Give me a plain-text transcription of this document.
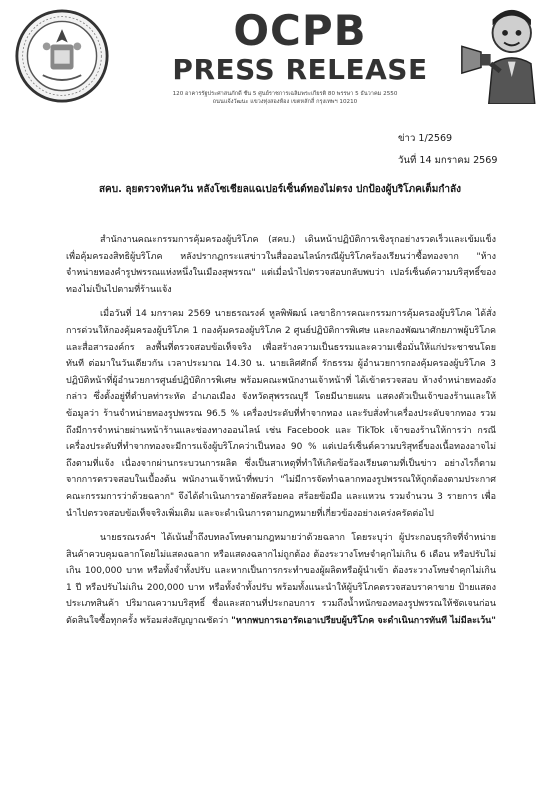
OCPB
PRESS RELEASE
120 อาคารรัฐประศาสนภักดี ชั้น 5 ศูนย์ราชการเฉลิมพระเกียรติ 80 พรรษา 5 ธันวาคม 2550
ถนนแจ้งวัฒนะ แขวงทุ่งสองห้อง เขตหลักสี่ กรุงเทพฯ 10210
ข่าว 1/2569
วันที่ 14 มกราคม 2569
สคบ. ลุยตรวจทันควัน หลังโซเชียลแฉเปอร์เซ็นต์ทองไม่ตรง ปกป้องผู้บริโภคเต็มกำลัง

สำนักงานคณะกรรมการคุ้มครองผู้บริโภค (สคบ.) เดินหน้าปฏิบัติการเชิงรุกอย่างรวดเร็วและเข้มแข็ง เพื่อคุ้มครองสิทธิผู้บริโภค หลังปรากฏกระแสข่าวในสื่อออนไลน์กรณีผู้บริโภคร้องเรียนว่าซื้อทองจาก "ห้างจำหน่ายทองคำรูปพรรณแห่งหนึ่งในเมืองสุพรรณ" แต่เมื่อนำไปตรวจสอบกลับพบว่า เปอร์เซ็นต์ความบริสุทธิ์ของทองไม่เป็นไปตามที่ร้านแจ้ง

เมื่อวันที่ 14 มกราคม 2569 นายธรณรงค์ หูลพิพัฒน์ เลขาธิการคณะกรรมการคุ้มครองผู้บริโภค ได้สั่งการด่วนให้กองคุ้มครองผู้บริโภค 1 กองคุ้มครองผู้บริโภค 2 ศูนย์ปฏิบัติการพิเศษ และกองพัฒนาศักยภาพผู้บริโภคและสื่อสารองค์กร ลงพื้นที่ตรวจสอบข้อเท็จจริง เพื่อสร้างความเป็นธรรมและความเชื่อมั่นให้แก่ประชาชนโดยทันที ต่อมาในวันเดียวกัน เวลาประมาณ 14.30 น. นายเลิศศักดิ์ รักธรรม ผู้อำนวยการกองคุ้มครองผู้บริโภค 3 ปฏิบัติหน้าที่ผู้อำนวยการศูนย์ปฏิบัติการพิเศษ พร้อมคณะพนักงานเจ้าหน้าที่ ได้เข้าตรวจสอบ ห้างจำหน่ายทองดังกล่าว ซึ่งตั้งอยู่ที่ตำบลท่าระหัด อำเภอเมือง จังหวัดสุพรรณบุรี โดยมีนายแผน แสดงตัวเป็นเจ้าของร้านและให้ข้อมูลว่า ร้านจำหน่ายทองรูปพรรณ 96.5 % เครื่องประดับที่ทำจากทอง และรับสั่งทำเครื่องประดับจากทอง รวมถึงมีการจำหน่ายผ่านหน้าร้านและช่องทางออนไลน์ เช่น Facebook และ TikTok เจ้าของร้านให้การว่า กรณีเครื่องประดับที่ทำจากทองจะมีการแจ้งผู้บริโภคว่าเป็นทอง 90 % แต่เปอร์เซ็นต์ความบริสุทธิ์ของเนื้อทองอาจไม่ถึงตามที่แจ้ง เนื่องจากผ่านกระบวนการผลิต ซึ่งเป็นสาเหตุที่ทำให้เกิดข้อร้องเรียนตามที่เป็นข่าว อย่างไรก็ตาม จากการตรวจสอบในเบื้องต้น พนักงานเจ้าหน้าที่พบว่า "ไม่มีการจัดทำฉลากทองรูปพรรณให้ถูกต้องตามประกาศคณะกรรมการว่าด้วยฉลาก" จึงได้ดำเนินการอายัดสร้อยคอ สร้อยข้อมือ และแหวน รวมจำนวน 3 รายการ เพื่อนำไปตรวจสอบข้อเท็จจริงเพิ่มเติม และจะดำเนินการตามกฎหมายที่เกี่ยวข้องอย่างเคร่งครัดต่อไป

นายธรณรงค์ฯ ได้เน้นย้ำถึงบทลงโทษตามกฎหมายว่าด้วยฉลาก โดยระบุว่า ผู้ประกอบธุรกิจที่จำหน่ายสินค้าควบคุมฉลากโดยไม่แสดงฉลาก หรือแสดงฉลากไม่ถูกต้อง ต้องระวางโทษจำคุกไม่เกิน 6 เดือน หรือปรับไม่เกิน 100,000 บาท หรือทั้งจำทั้งปรับ และหากเป็นการกระทำของผู้ผลิตหรือผู้นำเข้า ต้องระวางโทษจำคุกไม่เกิน 1 ปี หรือปรับไม่เกิน 200,000 บาท หรือทั้งจำทั้งปรับ พร้อมทั้งแนะนำให้ผู้บริโภคตรวจสอบราคาขาย ป้ายแสดงประเภทสินค้า ปริมาณความบริสุทธิ์ ชื่อและสถานที่ประกอบการ รวมถึงน้ำหนักของทองรูปพรรณให้ชัดเจนก่อนตัดสินใจซื้อทุกครั้ง พร้อมส่งสัญญาณชัดว่า "หากพบการเอารัดเอาเปรียบผู้บริโภค จะดำเนินการทันที ไม่มีละเว้น"
